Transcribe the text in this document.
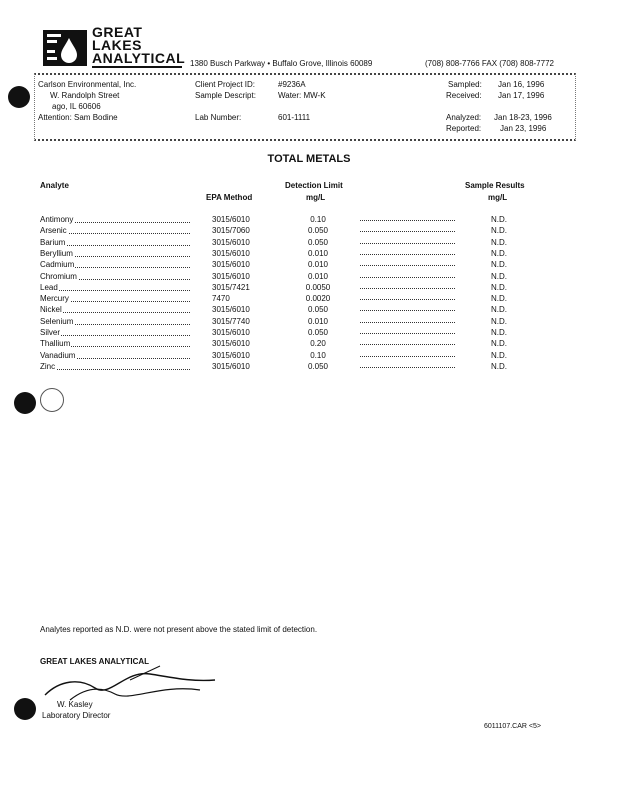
GREAT
LAKES
ANALYTICAL 1380 Busch Parkway • Buffalo Grove, Illinois 60089	(708) 808-7766 FAX (708) 808-7772
Carlson Environmental, Inc.
W. Randolph Street
ago, IL 60606
Attention: Sam Bodine
Client Project ID:	#9236A
Sample Descript:	Water: MW-K
Lab Number:	601-1111
Sampled: Jan 16, 1996
Received: Jan 17, 1996
Analyzed: Jan 18-23, 1996
Reported: Jan 23, 1996
TOTAL METALS
Analyte
EPA Method
Detection Limit
mg/L
Sample Results
mg/L
Antimony	3015/6010	0.10	N.D.
Arsenic	3015/7060	0.050	N.D.
Barium	3015/6010	0.050	N.D.
Beryllium	3015/6010	0.010	N.D.
Cadmium	3015/6010	0.010	N.D.
Chromium	3015/6010	0.010	N.D.
Lead	3015/7421	0.0050	N.D.
Mercury	7470	0.0020	N.D.
Nickel	3015/6010	0.050	N.D.
Selenium	3015/7740	0.010	N.D.
Silver	3015/6010	0.050	N.D.
Thallium	3015/6010	0.20	N.D.
Vanadium	3015/6010	0.10	N.D.
Zinc	3015/6010	0.050	N.D.
Analytes reported as N.D. were not present above the stated limit of detection.
GREAT LAKES ANALYTICAL
W. Kasley
Laboratory Director
6011107.CAR <5>
